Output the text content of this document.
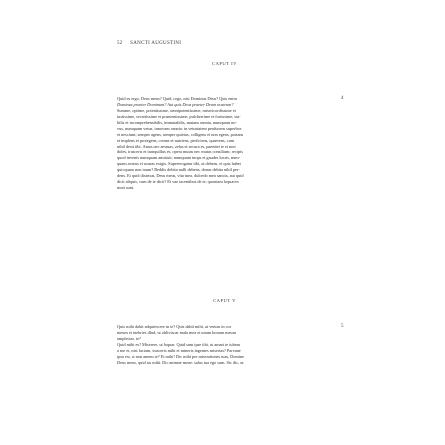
52 SANCTI AUGUSTINI
CAPUT IV
4
Quid es ergo, Deus meus? Quid, rogo, nisi Dominus Deus? Quis enim
Dominus praeter Dominum? Aut quis Deus praeter Deum nostrum?
Summe, optime, potentissime, omnipotentissime, misericordissime et
iustissime, secretissime et praesentissime, pulcherrime et fortissime, sta-
bilis et incomprehensibilis, immutabilis, mutans omnia, numquam no-
vus, numquam vetus, innovans omnia: in vetustatem perducens superbos
et nesciunt; semper agens, semper quietus, colligens et non egens, portans
et implens et protegens, creans et nutriens, perficiens, quaerens, cum
nihil desit tibi. Amas nec aestuas, zelas et secura es, paenitet te et non
doles, irasceris et tranquillus es, opera mutas nec mutas consilium; recipis
quod invenis numquam amisisti; numquam inops et gaudes lucris, num-
quam avarus et usuras exigis. Supererogatur tibi, ut debeas, et quis habet
quicquam non tuum? Reddis debita nulli debens, donas debita nihil per-
dens. Et quid diximus, Deus meus, vita mea, dulcedo mea sancta, aut quid
dicit aliquis, cum de te dicit? Et vae tacentibus de te, quoniam loquaces
muti sunt.
CAPUT V
5
Quis mihi dabit adquiescere in te? Quis dabit mihi, ut venias in cor
meum et inebries illud, ut obliviscar mala mea et unum bonum meum
amplectar, te?
Quid mihi es? Miserere, ut loquar. Quid sum ipse tibi, ut amari te iubeas
a me et, nisi faciam, irasceris mihi et mineris ingentes miserias? Parvane
ipsa est, si non amem te? Ei mihi! Dic mihi per miserationes tuas, Domine
Deus meus, quid sis mihi. Dic animae meae: salus tua ego sum. Sic dic, ut
